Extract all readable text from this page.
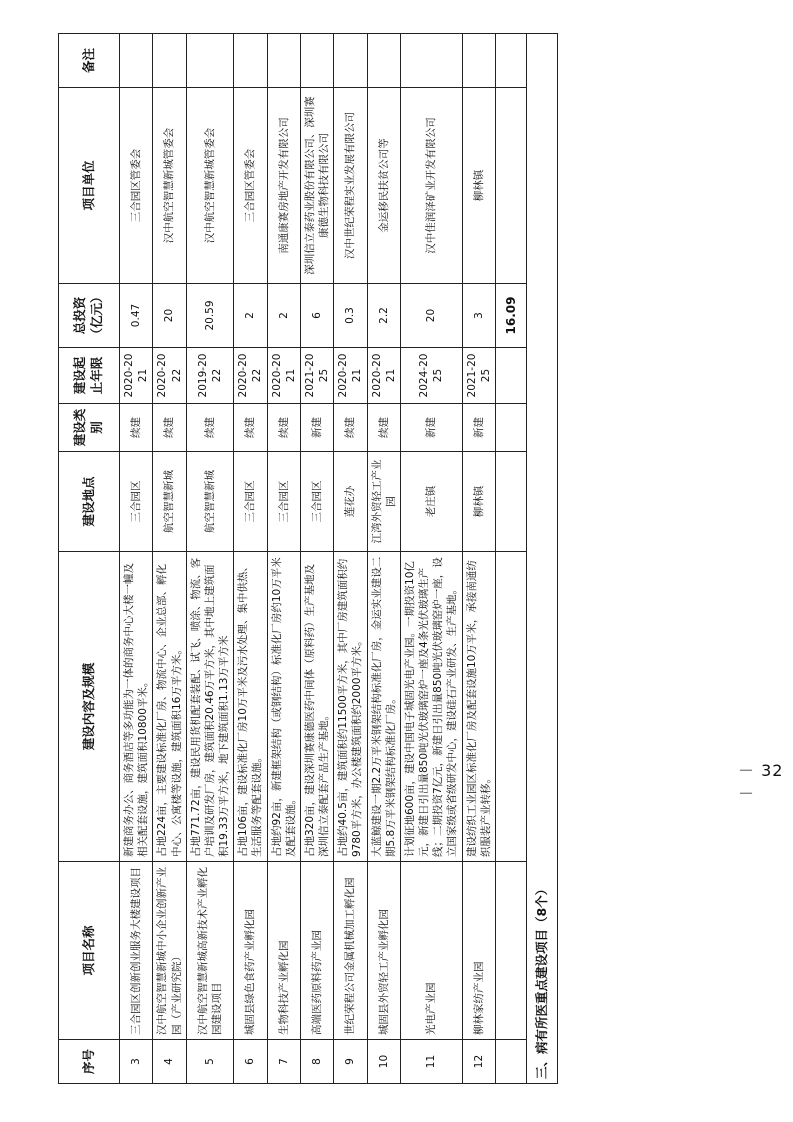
序号	项目名称	建设内容及规模	建设地点	建设类别	建设起止年限	总投资（亿元）	项目单位	备注
3	三合园区创新创业服务大楼建设项目	新建商务办公、商务酒店等多功能为一体的商务中心大楼一幢及相关配套设施，建筑面积10800平米。	三合园区	续建	2020-2021	0.47	三合园区管委会	
4	汉中航空智慧新城中小企业创新产业园（产业研究院）	占地224亩，主要建设标准化厂房、物流中心、企业总部、孵化中心、公寓楼等设施，建筑面积16万平方米。	航空智慧新城	续建	2020-2022	20	汉中航空智慧新城管委会	
5	汉中航空智慧新城高新技术产业孵化园建设项目	占地771.72亩，建设民用货机配套装配、试飞、喷涂、物流、客户培训及研发厂房，建筑面积20.46万平方米，其中地上建筑面积19.33万平方米，地下建筑面积1.13万平方米	航空智慧新城	续建	2019-2022	20.59	汉中航空智慧新城管委会	
6	城固县绿色食药产业孵化园	占地106亩，建设标准化厂房10万平米及污水处理、集中供热、生活服务等配套设施。	三合园区	续建	2020-2022	2	三合园区管委会	
7	生物科技产业孵化园	占地约92亩，新建框架结构（或钢结构）标准化厂房约10万平米及配套设施。	三合园区	续建	2020-2021	2	南通康赛房地产开发有限公司	
8	高端医药原料药产业园	占地320亩，建设深圳赛康德医药中间体（原料药）生产基地及深圳信立泰配套产品生产基地。	三合园区	新建	2021-2025	6	深圳信立泰药业股份有限公司、深圳赛康德生物科技有限公司	
9	世纪荣程公司金属机械加工孵化园	占地约40.5亩，建筑面积约11500平方米，其中厂房建筑面积约9780平方米，办公楼建筑面积约2000平方米。	莲花办	续建	2020-2021	0.3	汉中世纪荣程实业发展有限公司	
10	城固县外贸轻工产业孵化园	大蓝鲸建设一期2.2万平米钢架结构标准化厂房，金运实业建设二期5.8万平米钢架结构标准化厂房。	江湾外贸轻工产业园	续建	2020-2021	2.2	金运移民扶贫公司等	
11	光电产业园	计划征地600亩，建设中国电子城固光电产业园。一期投资10亿元，新建日引出量850吨光伏玻璃窑炉一座及4条光伏玻璃生产线；二期投资7亿元，新建日引出量850吨光伏玻璃窑炉一座，设立国家级或省级研发中心，建设硅石产业研发、生产基地。	老庄镇	新建	2024-2025	20	汉中佳润泽矿业开发有限公司	
12	柳林家纺产业园	建设纺织工业园区标准化厂房及配套设施10万平米，承接南通纺织服装产业转移。	柳林镇	新建	2021-2025	3	柳林镇	
						16.09		
三、病有所医重点建设项目（8个）								
－ 32 －
